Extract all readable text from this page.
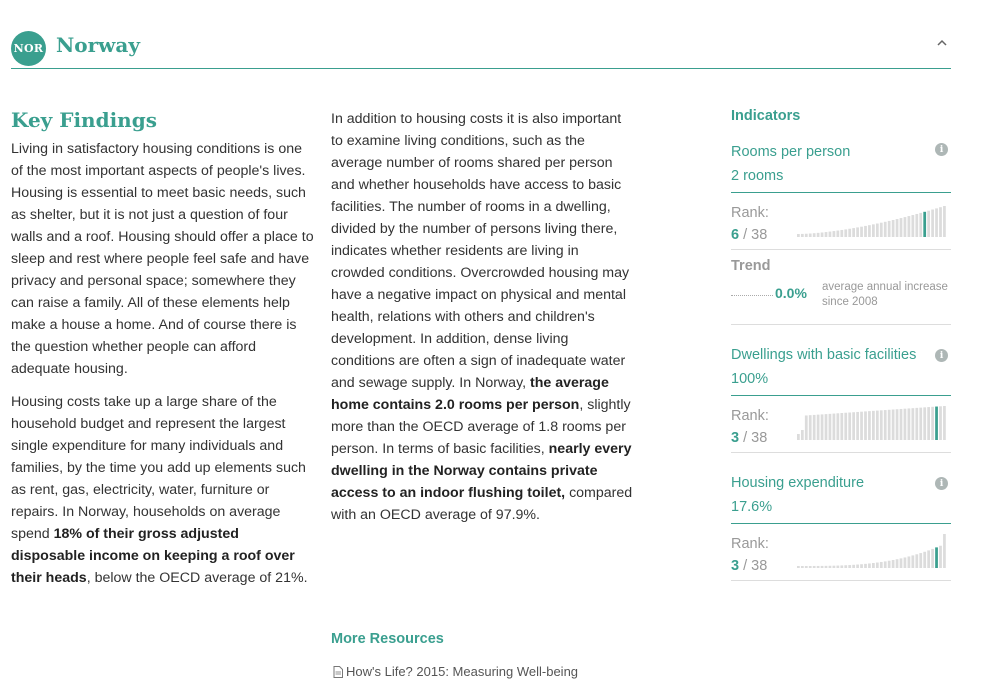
NOR Norway
Key Findings

Living in satisfactory housing conditions is one of the most important aspects of people's lives. Housing is essential to meet basic needs, such as shelter, but it is not just a question of four walls and a roof. Housing should offer a place to sleep and rest where people feel safe and have privacy and personal space; somewhere they can raise a family. All of these elements help make a house a home. And of course there is the question whether people can afford adequate housing.

Housing costs take up a large share of the household budget and represent the largest single expenditure for many individuals and families, by the time you add up elements such as rent, gas, electricity, water, furniture or repairs. In Norway, households on average spend 18% of their gross adjusted disposable income on keeping a roof over their heads, below the OECD average of 21%.

In addition to housing costs it is also important to examine living conditions, such as the average number of rooms shared per person and whether households have access to basic facilities. The number of rooms in a dwelling, divided by the number of persons living there, indicates whether residents are living in crowded conditions. Overcrowded housing may have a negative impact on physical and mental health, relations with others and children's development. In addition, dense living conditions are often a sign of inadequate water and sewage supply. In Norway, the average home contains 2.0 rooms per person, slightly more than the OECD average of 1.8 rooms per person. In terms of basic facilities, nearly every dwelling in the Norway contains private access to an indoor flushing toilet, compared with an OECD average of 97.9%.

More Resources
How's Life? 2015: Measuring Well-being
Indicators
Rooms per person	i
2 rooms
Rank:
6 / 38
Trend
0.0% average annual increase
since 2008
Dwellings with basic facilities	i
100%
Rank:
3 / 38
Housing expenditure	i
17.6%
Rank:
3 / 38
